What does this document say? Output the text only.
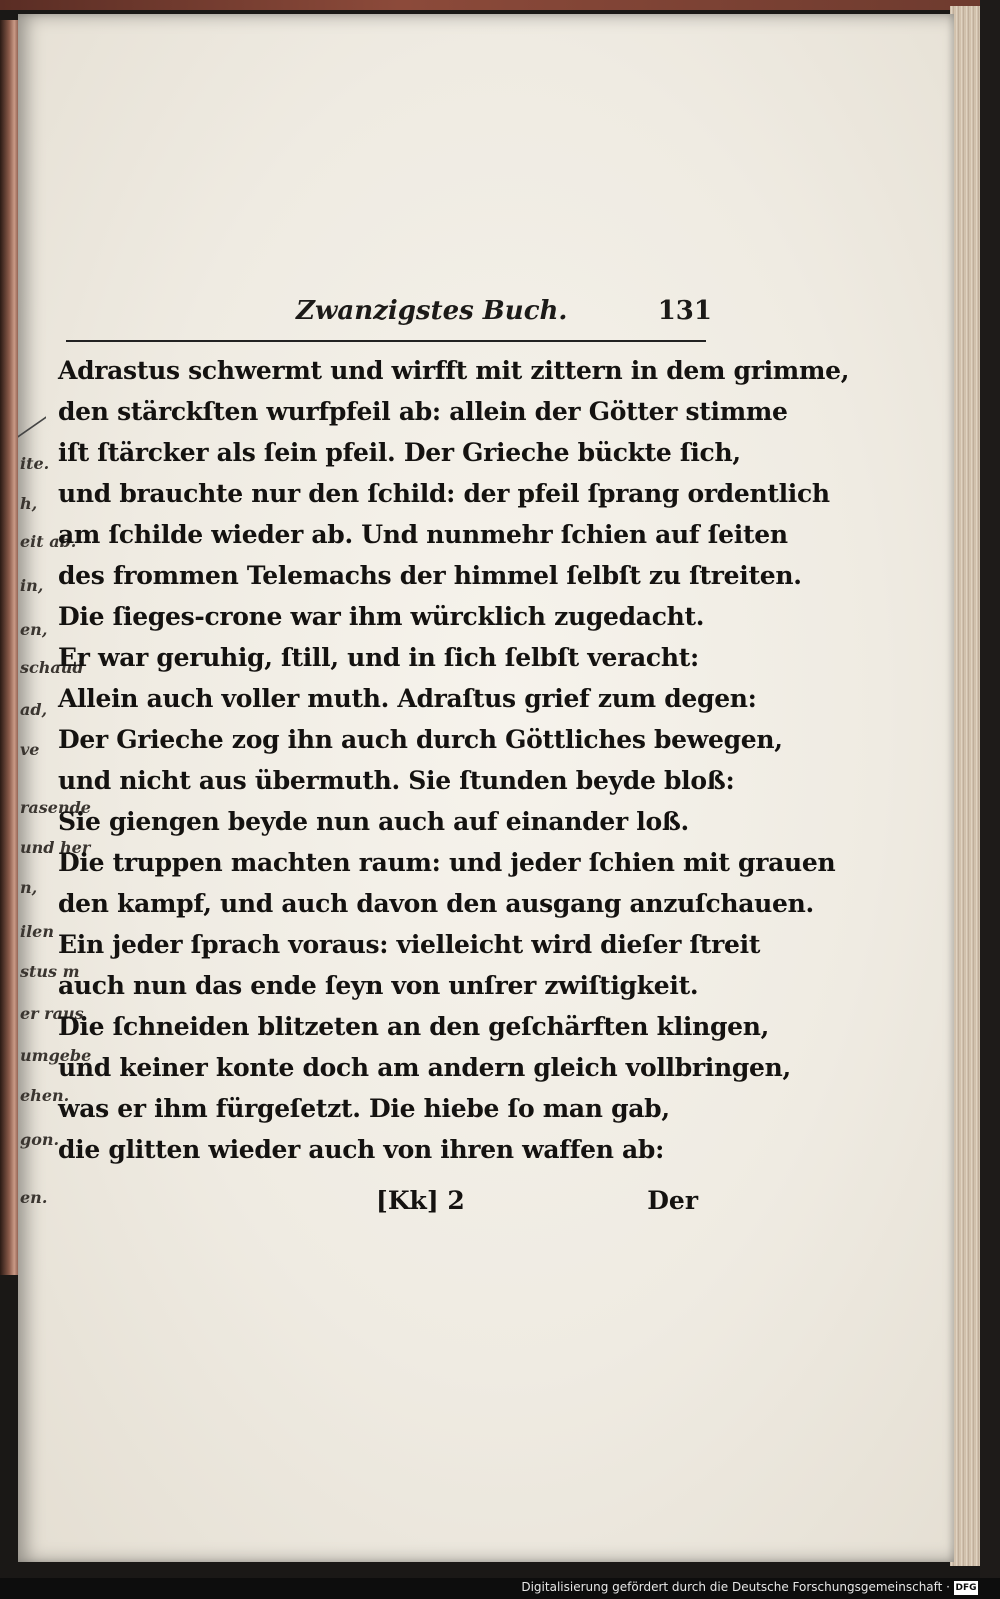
ite.
h,
eit ab.
in,
en,
schaud
ad,
ve
rasende
und her
n,
ilen
stus m
er raus
umgebe
ehen.
gon.
en.
Zwanzigstes Buch.	131
Adrastus schwermt und wirfft mit zittern in dem grimme,
den stärckſten wurfpfeil ab: allein der Götter stimme
iſt ſtärcker als ſein pfeil. Der Grieche bückte ſich,
und brauchte nur den ſchild: der pfeil ſprang ordentlich
am ſchilde wieder ab. Und nunmehr ſchien auf ſeiten
des frommen Telemachs der himmel ſelbſt zu ſtreiten.
Die ſieges-crone war ihm würcklich zugedacht.
Er war geruhig, ſtill, und in ſich ſelbſt veracht:
Allein auch voller muth. Adraſtus grief zum degen:
Der Grieche zog ihn auch durch Göttliches bewegen,
und nicht aus übermuth. Sie ſtunden beyde bloß:
Sie giengen beyde nun auch auf einander loß.
Die truppen machten raum: und jeder ſchien mit grauen
den kampf, und auch davon den ausgang anzuſchauen.
Ein jeder ſprach voraus: vielleicht wird dieſer ſtreit
auch nun das ende ſeyn von unſrer zwiſtigkeit.
Die ſchneiden blitzeten an den geſchärften klingen,
und keiner konte doch am andern gleich vollbringen,
was er ihm fürgeſetzt. Die hiebe ſo man gab,
die glitten wieder auch von ihren waffen ab:
[Kk] 2	Der
Digitalisierung gefördert durch die Deutsche Forschungsgemeinschaft · DFG
